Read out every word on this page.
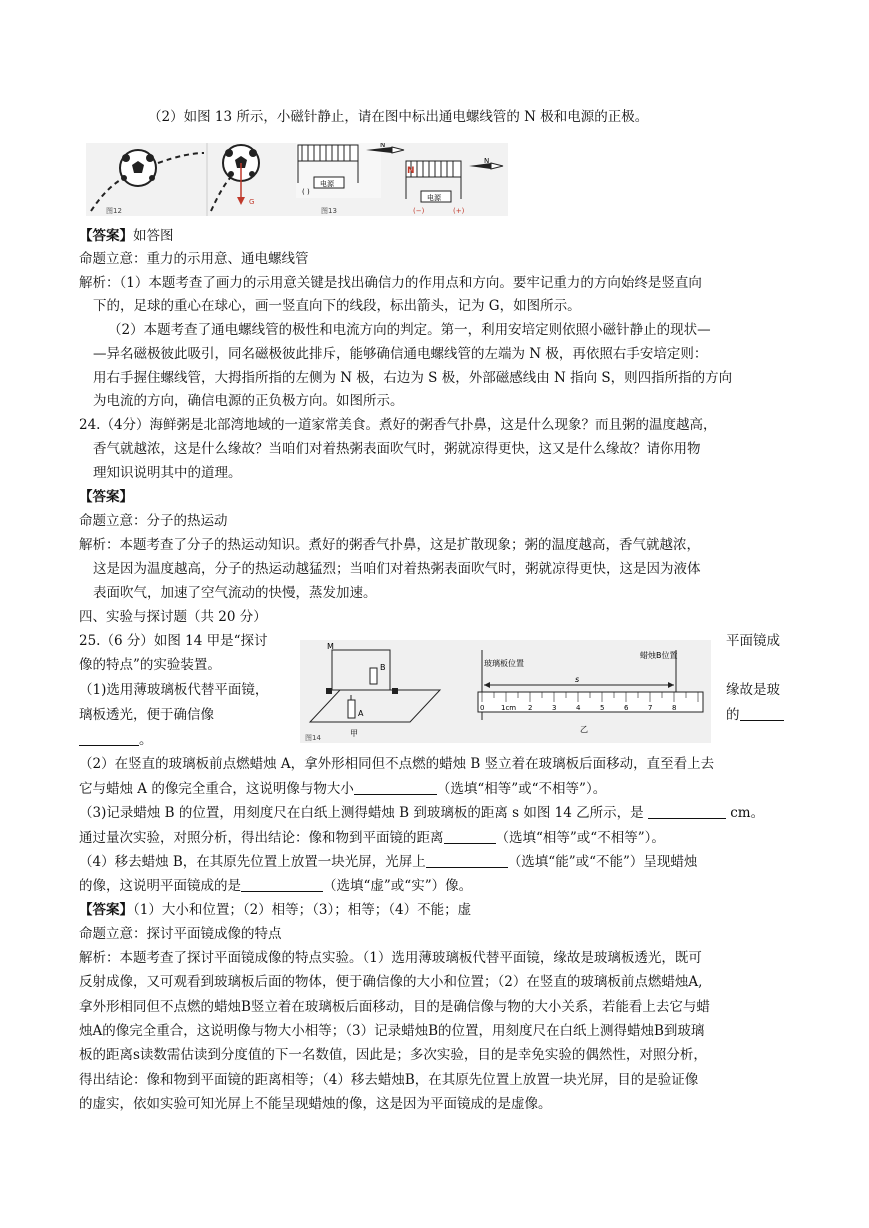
（2）如图 13 所示，小磁针静止，请在图中标出通电螺线管的 N 极和电源的正极。
图12
G
电源
( )
N
图13
N
电源
(−)	(+)
N
【答案】如答图
命题立意：重力的示用意、通电螺线管
解析：（1）本题考查了画力的示用意关键是找出确信力的作用点和方向。要牢记重力的方向始终是竖直向
下的，足球的重心在球心，画一竖直向下的线段，标出箭头，记为 G，如图所示。
（2）本题考查了通电螺线管的极性和电流方向的判定。第一，利用安培定则依照小磁针静止的现状—
—异名磁极彼此吸引，同名磁极彼此排斥，能够确信通电螺线管的左端为 N 极，再依照右手安培定则：
用右手握住螺线管，大拇指所指的左侧为 N 极，右边为 S 极，外部磁感线由 N 指向 S，则四指所指的方向
为电流的方向，确信电源的正负极方向。如图所示。
24.（4分）海鲜粥是北部湾地域的一道家常美食。煮好的粥香气扑鼻，这是什么现象？而且粥的温度越高，
香气就越浓，这是什么缘故？当咱们对着热粥表面吹气时，粥就凉得更快，这又是什么缘故？请你用物
理知识说明其中的道理。
【答案】
命题立意：分子的热运动
解析：本题考查了分子的热运动知识。煮好的粥香气扑鼻，这是扩散现象；粥的温度越高，香气就越浓，
这是因为温度越高，分子的热运动越猛烈；当咱们对着热粥表面吹气时，粥就凉得更快，这是因为液体
表面吹气，加速了空气流动的快慢，蒸发加速。
四、实验与探讨题（共 20 分）
25.（6 分）如图 14 甲是“探讨	平面镜成
像的特点”的实验装置。
（1)选用薄玻璃板代替平面镜，	缘故是玻
璃板透光，便于确信像	的
。
M
A
B
甲
图14
玻璃板位置
蜡烛B位置
s
0 1cm 2	3	4	5	6	7	8
乙
（2）在竖直的玻璃板前点燃蜡烛 A，拿外形相同但不点燃的蜡烛 B 竖立着在玻璃板后面移动，直至看上去
它与蜡烛 A 的像完全重合，这说明像与物大小	（选填“相等”或“不相等”）。
（3)记录蜡烛 B 的位置，用刻度尺在白纸上测得蜡烛 B 到玻璃板的距离 s 如图 14 乙所示，是	cm。
通过量次实验，对照分析，得出结论：像和物到平面镜的距离	（选填“相等”或“不相等”）。
（4）移去蜡烛 B，在其原先位置上放置一块光屏，光屏上	（选填“能”或“不能”）呈现蜡烛
的像，这说明平面镜成的是	（选填“虚”或“实”）像。
【答案】（1）大小和位置；（2）相等；（3）；相等；（4）不能；虚
命题立意：探讨平面镜成像的特点
解析：本题考查了探讨平面镜成像的特点实验。（1）选用薄玻璃板代替平面镜，缘故是玻璃板透光，既可
反射成像，又可观看到玻璃板后面的物体，便于确信像的大小和位置；（2）在竖直的玻璃板前点燃蜡烛A,
拿外形相同但不点燃的蜡烛B竖立着在玻璃板后面移动，目的是确信像与物的大小关系，若能看上去它与蜡
烛A的像完全重合，这说明像与物大小相等；（3）记录蜡烛B的位置，用刻度尺在白纸上测得蜡烛B到玻璃
板的距离s读数需估读到分度值的下一名数值，因此是；多次实验，目的是幸免实验的偶然性，对照分析，
得出结论：像和物到平面镜的距离相等；（4）移去蜡烛B，在其原先位置上放置一块光屏，目的是验证像
的虚实，依如实验可知光屏上不能呈现蜡烛的像，这是因为平面镜成的是虚像。
